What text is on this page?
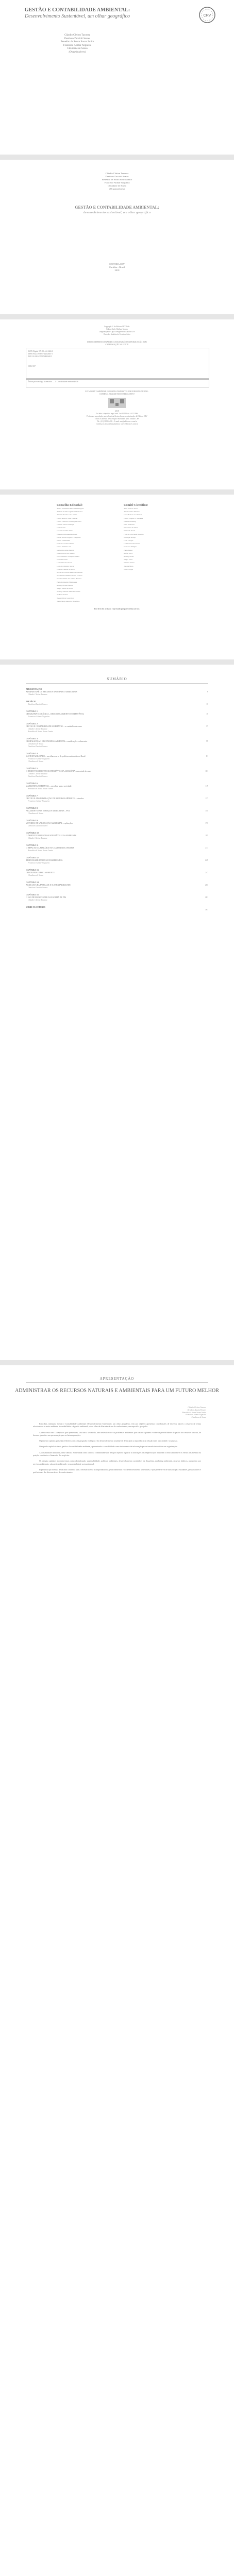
GESTÃO E CONTABILIDADE AMBIENTAL:
Desenvolvimento Sustentável, um olhar geográfico
Cláudio Cleiton Taxonez
Denilson Zaccioli Soares
Benedito de Souza Souza Junior
Francisco Alimar Nogueira
Cleudiane de Sousa
(Organizadores)
CRV
Cláudio Cleiton Taxonez
Denilson Zaccioli Soares
Benedito de Souza Souza Junior
Francisco Alimar Nogueira
Cleudiane de Sousa
(Organizadores)
GESTÃO E CONTABILIDADE AMBIENTAL:
desenvolvimento sustentável, um olhar geográfico
EDITORA CRV
Curitiba – Brasil
2018
Copyright © da Editora CRV Ltda.
Editor-chefe: Railson Moura
Diagramação e Capa: Designers da Editora CRV
Revisão: Analista de Escrita e Artes
DADOS INTERNACIONAIS DE CATALOGAÇÃO NA PUBLICAÇÃO (CIP)
CATALOGAÇÃO NA FONTE
ISBN Digital 978-85-444-2666-0
ISBN Físico 978-85-444-2665-3
DOI 10.24824/978854442665.3
CDU 657
Índice para catálogo sistemático — 1. Contabilidade ambiental 658
ESTA OBRA TAMBÉM SE ENCONTRA DISPONÍVEL EM FORMATO DIGITAL.
CONHEÇA E BAIXE NOSSO APLICATIVO!
2018
Foi feito o depósito legal conf. Lei 10.994 de 14/12/2004
Proibida a reprodução parcial ou total desta obra sem autorização da Editora CRV
Todos os direitos desta edição reservados pela: Editora CRV
Tel.: (41) 3039-6418 – E-mail: sac@editoracrv.com.br
Conheça os nossos lançamentos: www.editoracrv.com.br
Conselho Editorial:
Aldira Guimarães Duarte Domínguez
Andréia da Silva Quintanilha Sousa
Antônio Pereira Gaio Júnior
Carlos Alberto Vilar Estêvão
Carlos Federico Domínguez Avila
Carmen Tereza Velanga
Celso Conti
Cesar Gerónimo Tello
Eduardo Fernandes Barbosa
Elione Maria Nogueira Diogenes
Elizeu Clementino
Francisco Carlos Duarte
Gloria Fariñas León
Guillermo Arias Beatón
Jailson Alves dos Santos
João Adalberto Campato Junior
Josania Portela
Leonel Severo Rocha
Lídia de Oliveira Xavier
Lourdes Helena da Silva
Maria de Lourdes Pinto de Almeida
Maria Lília Imbiriba Sousa Colares
Maria Cristina dos Santos Bezerra
Paulo Romualdo Hernandes
Rodrigo Pratte-Santos
Sérgio Nunes de Jesus
Solange Helena Ximenes-Rocha
Sydione Santos
Tadeu Oliver Gonçalves
Tania Suely Azevedo Brasileiro
Comitê Científico:
Alex Mourão Terzi
Ana Carolina Fabiano
Caio Floriano dos Santos
Carlos Wagner C. Lazarini
Eduardo Ebeling
Elisa Mainardi
Elton Luiz da Silva
Fernando Prado
Francisco de Assis Baptista
Henrique Araújo
Leila Chagas
Letícia de Souza Alves
Maurício Wiltgen
Paulo Bessa
Rafael Silva
Rodrigo Kohl
Sérgio Felix
Simone Santos
Tatiana Melo
Zilda Borges
Este livro foi avaliado e aprovado por pareceristas ad hoc.
SUMÁRIO
APRESENTAÇÃO
9
ADMINISTRAR OS RECURSOS NATURAIS E AMBIENTAIS
Cláudio Cleiton Taxonez
PREFÁCIO
13
Denilson Zaccioli Soares
CAPÍTULO 1
15
GEOGRAFIA ECOLÓGICA – DESENVOLVIMENTO SUSTENTÁVEL
Francisco Alimar Nogueira
CAPÍTULO 2
37
GESTÃO E CONTABILIDADE AMBIENTAL – a contabilidade como
Cláudio Cleiton Taxonez
Benedito de Souza Souza Junior
CAPÍTULO 3
59
GLOBALIZAÇÃO E ECONOMIA AMBIENTAL: considerações e elementos
Cleudiane de Sousa
Denilson Zaccioli Soares
CAPÍTULO 4
81
SUSTENTABILIDADE – um olhar acerca de políticas ambientais no Brasil
Francisco Alimar Nogueira
Cleudiane de Sousa
CAPÍTULO 5
101
O DESENVOLVIMENTO SUSTENTÁVEL NA AMAZÔNIA: um estudo de caso
Cláudio Cleiton Taxonez
Denilson Zaccioli Soares
CAPÍTULO 6
119
MARKETING AMBIENTAL – um olhar para a sociedade
Benedito de Souza Souza Junior
CAPÍTULO 7
137
GESTÃO E ADMINISTRAÇÃO DE RECURSOS HÍDRICOS – desafios
Francisco Alimar Nogueira
CAPÍTULO 8
155
PAGAMENTO POR SERVIÇOS AMBIENTAIS – PSA
Cleudiane de Sousa
CAPÍTULO 9
173
MÉTODOS DE VALORAÇÃO AMBIENTAL – aplicações
Denilson Zaccioli Soares
CAPÍTULO 10
195
O DESENVOLVIMENTO SUSTENTÁVEL E AS EMPRESAS
Cláudio Cleiton Taxonez
CAPÍTULO 11
211
O IMPACTO DA MALÁRIA NO CAMPO DA ECONOMIA
Benedito de Souza Souza Junior
CAPÍTULO 12
229
RESPONSABILIDADE SOCIOAMBIENTAL
Francisco Alimar Nogueira
CAPÍTULO 13
247
GEOGRAFIA E MEIO AMBIENTE
Cleudiane de Sousa
CAPÍTULO 14
263
AGRICULTURA FAMILIAR E SUSTENTABILIDADE
Denilson Zaccioli Soares
CAPÍTULO 15
281
O USO DE MANIFESTAR NA ESCRITA DE PÉS
Cláudio Cleiton Taxonez
SOBRE OS AUTORES
301
APRESENTAÇÃO
ADMINISTRAR OS RECURSOS NATURAIS E AMBIENTAIS PARA UM FUTURO MELHOR
Cláudio Cleiton Taxonez
Denilson Zaccioli Soares
Benedito de Souza Souza Junior
Francisco Alimar Nogueira
Cleudiane de Sousa

Esta obra, intitulada Gestão e Contabilidade Ambiental: Desenvolvimento Sustentável, um olhar geográfico, tem por objetivo apresentar contribuições de diversos autores a respeito de temas relacionados ao meio ambiente, à contabilidade e à gestão ambiental, sob o olhar de diferentes áreas do conhecimento, em especial a geografia.

A obra conta com 15 capítulos que apresentam, cada um a seu modo, uma reflexão sobre os problemas ambientais que afetam o planeta e sobre as possibilidades de gestão dos recursos naturais, de forma a garantir a sua preservação para as futuras gerações.

O primeiro capítulo apresenta reflexões acerca da geografia ecológica e do desenvolvimento sustentável, destacando a importância da relação entre a sociedade e a natureza.

O segundo capítulo trata da gestão e da contabilidade ambiental, apresentando a contabilidade como instrumento de informação para a tomada de decisões nas organizações.

A contabilidade ambiental, neste sentido, é entendida como ramo da contabilidade que tem por objetivo registrar as transações das empresas que impactam o meio ambiente e os efeitos das mesmas na posição econômica e financeira dos negócios.

Os demais capítulos abordam temas como globalização, sustentabilidade, políticas ambientais, desenvolvimento sustentável na Amazônia, marketing ambiental, recursos hídricos, pagamento por serviços ambientais, valoração ambiental e responsabilidade socioambiental.

Esperamos que a leitura desta obra contribua para a reflexão acerca da importância da gestão ambiental e do desenvolvimento sustentável, e que possa servir de subsídio para estudantes, pesquisadores e profissionais das diversas áreas do conhecimento.
